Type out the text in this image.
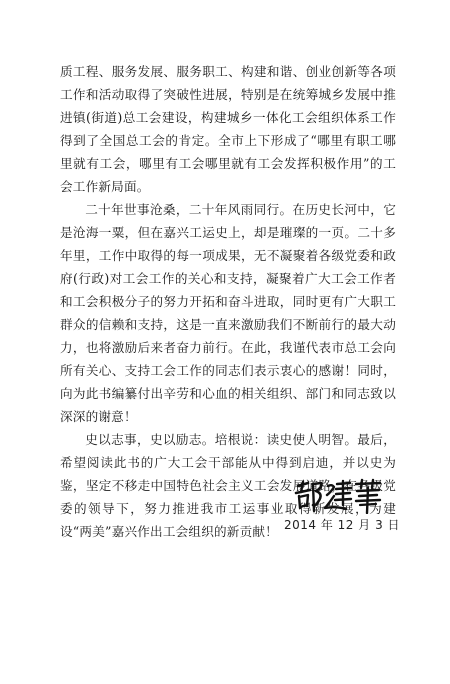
质工程、服务发展、服务职工、构建和谐、创业创新等各项工作和活动取得了突破性进展，特别是在统筹城乡发展中推进镇(街道)总工会建设，构建城乡一体化工会组织体系工作得到了全国总工会的肯定。全市上下形成了“哪里有职工哪里就有工会，哪里有工会哪里就有工会发挥积极作用”的工会工作新局面。

二十年世事沧桑，二十年风雨同行。在历史长河中，它是沧海一粟，但在嘉兴工运史上，却是璀璨的一页。二十多年里，工作中取得的每一项成果，无不凝聚着各级党委和政府(行政)对工会工作的关心和支持，凝聚着广大工会工作者和工会积极分子的努力开拓和奋斗进取，同时更有广大职工群众的信赖和支持，这是一直来激励我们不断前行的最大动力，也将激励后来者奋力前行。在此，我谨代表市总工会向所有关心、支持工会工作的同志们表示衷心的感谢！同时，向为此书编纂付出辛劳和心血的相关组织、部门和同志致以深深的谢意！

史以志事，史以励志。培根说：读史使人明智。最后，希望阅读此书的广大工会干部能从中得到启迪，并以史为鉴，坚定不移走中国特色社会主义工会发展道路，在各级党委的领导下，努力推进我市工运事业取得新发展，为建设“两美”嘉兴作出工会组织的新贡献！ 2014 年 12 月 3 日
